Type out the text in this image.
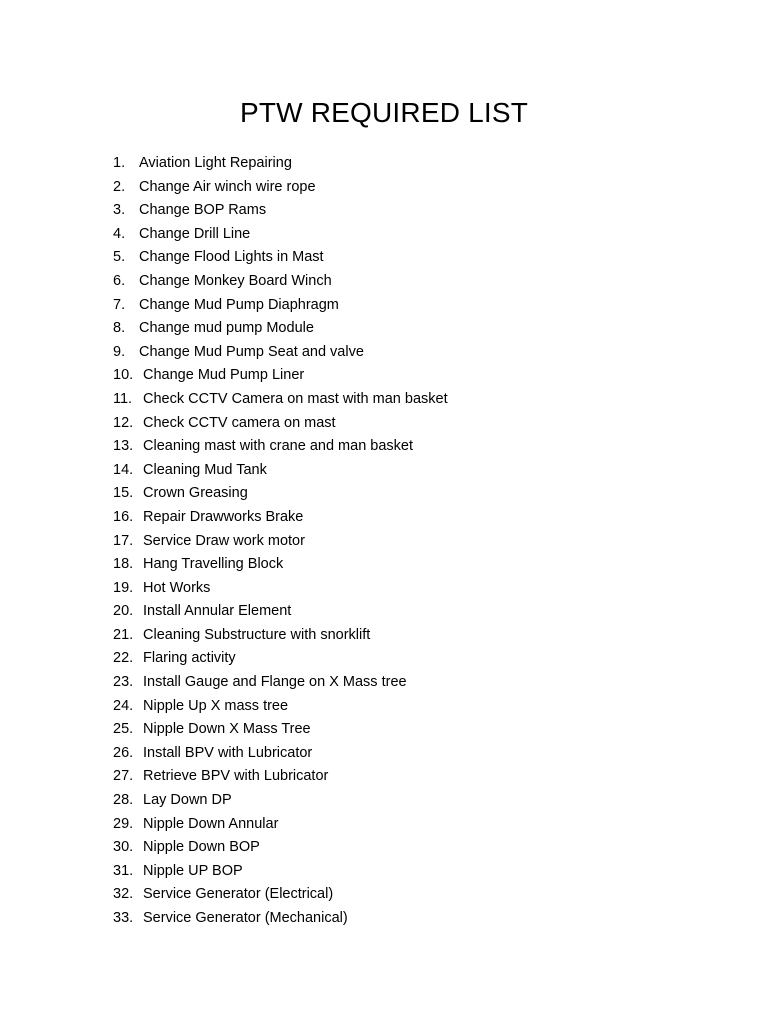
PTW REQUIRED LIST
1. Aviation Light Repairing
2. Change Air winch wire rope
3. Change BOP Rams
4. Change Drill Line
5. Change Flood Lights in Mast
6. Change Monkey Board Winch
7. Change Mud Pump Diaphragm
8. Change mud pump Module
9. Change Mud Pump Seat and valve
10. Change Mud Pump Liner
11. Check CCTV Camera on mast with man basket
12. Check CCTV camera on mast
13. Cleaning mast with crane and man basket
14. Cleaning Mud Tank
15. Crown Greasing
16. Repair Drawworks Brake
17. Service Draw work motor
18. Hang Travelling Block
19. Hot Works
20. Install Annular Element
21. Cleaning Substructure with snorklift
22. Flaring activity
23. Install Gauge and Flange on X Mass tree
24. Nipple Up X mass tree
25. Nipple Down X Mass Tree
26. Install BPV with Lubricator
27. Retrieve BPV with Lubricator
28. Lay Down DP
29. Nipple Down Annular
30. Nipple Down BOP
31. Nipple UP BOP
32. Service Generator (Electrical)
33. Service Generator (Mechanical)
